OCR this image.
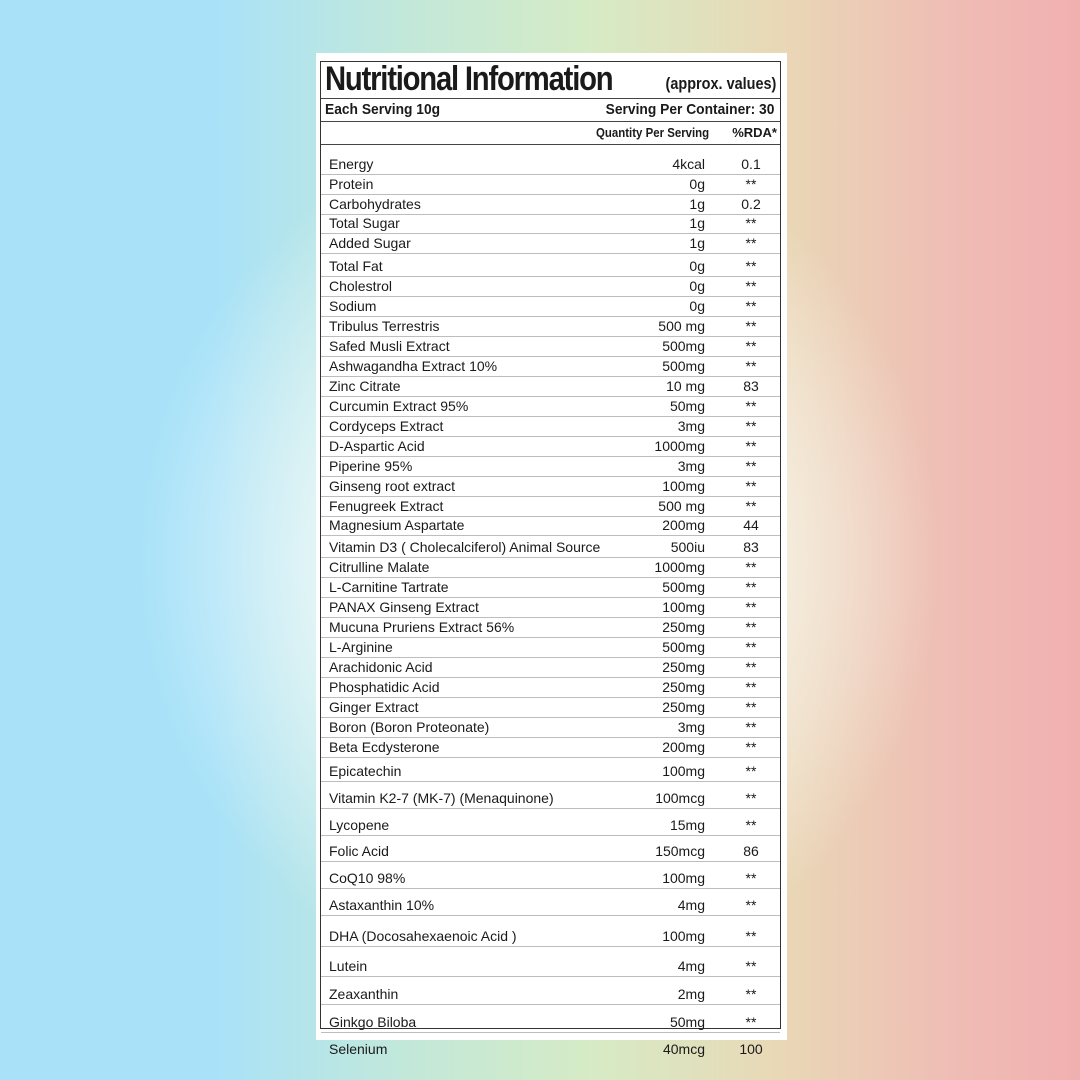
Nutritional Information	(approx. values)
Each Serving 10g	Serving Per Container: 30
Quantity Per Serving %RDA*
Energy	4kcal	0.1
Protein	0g	**
Carbohydrates	1g	0.2
Total Sugar	1g	**
Added Sugar	1g	**
Total Fat	0g	**
Cholestrol	0g	**
Sodium	0g	**
Tribulus Terrestris	500 mg	**
Safed Musli Extract	500mg	**
Ashwagandha Extract 10%	500mg	**
Zinc Citrate	10 mg	83
Curcumin Extract 95%	50mg	**
Cordyceps Extract	3mg	**
D-Aspartic Acid	1000mg	**
Piperine 95%	3mg	**
Ginseng root extract	100mg	**
Fenugreek Extract	500 mg	**
Magnesium Aspartate	200mg	44
Vitamin D3 ( Cholecalciferol) Animal Source	500iu	83
Citrulline Malate	1000mg	**
L-Carnitine Tartrate	500mg	**
PANAX Ginseng Extract	100mg	**
Mucuna Pruriens Extract 56%	250mg	**
L-Arginine	500mg	**
Arachidonic Acid	250mg	**
Phosphatidic Acid	250mg	**
Ginger Extract	250mg	**
Boron (Boron Proteonate)	3mg	**
Beta Ecdysterone	200mg	**
Epicatechin	100mg	**
Vitamin K2-7 (MK-7) (Menaquinone)	100mcg	**
Lycopene	15mg	**
Folic Acid	150mcg	86
CoQ10 98%	100mg	**
Astaxanthin 10%	4mg	**
DHA (Docosahexaenoic Acid )	100mg	**
Lutein	4mg	**
Zeaxanthin	2mg	**
Ginkgo Biloba	50mg	**
Selenium	40mcg	100
